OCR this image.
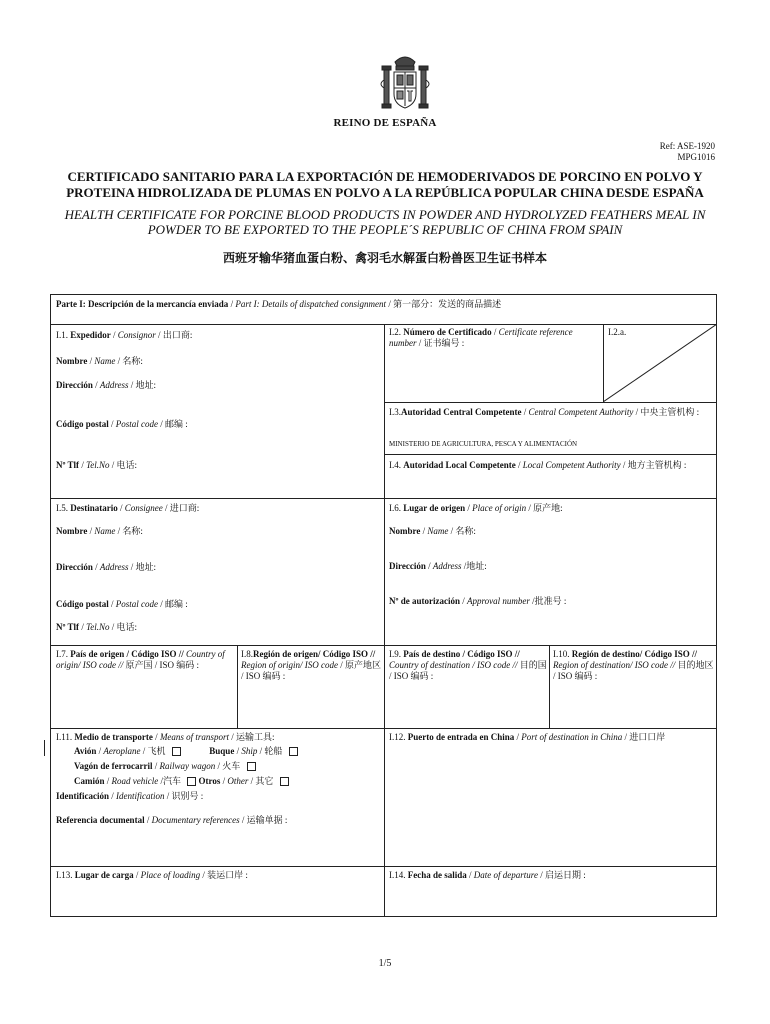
REINO DE ESPAÑA
Ref: ASE-1920
MPG1016
CERTIFICADO SANITARIO PARA LA EXPORTACIÓN DE HEMODERIVADOS DE PORCINO EN POLVO Y
PROTEINA HIDROLIZADA DE PLUMAS EN POLVO A LA REPÚBLICA POPULAR CHINA DESDE ESPAÑA
HEALTH CERTIFICATE FOR PORCINE BLOOD PRODUCTS IN POWDER AND HYDROLYZED FEATHERS MEAL IN
POWDER TO BE EXPORTED TO THE PEOPLE´S REPUBLIC OF CHINA FROM SPAIN
西班牙输华猪血蛋白粉、禽羽毛水解蛋白粉兽医卫生证书样本
Parte I: Descripción de la mercancía enviada / Part I: Details of dispatched consignment / 第一部分：发送的商品描述
I.1. Expedidor / Consignor / 出口商:
Nombre / Name / 名称:
Dirección / Address / 地址:
Código postal / Postal code / 邮编 :
Nº Tlf / Tel.No / 电话:
I.2. Número de Certificado / Certificate reference number / 证书编号 :
I.2.a.
I.3.Autoridad Central Competente / Central Competent Authority / 中央主管机构 :
MINISTERIO DE AGRICULTURA, PESCA Y ALIMENTACIÓN
I.4. Autoridad Local Competente / Local Competent Authority / 地方主管机构 :
I.5. Destinatario / Consignee / 进口商:
Nombre / Name / 名称:
Dirección / Address / 地址:
Código postal / Postal code / 邮编 :
Nº Tlf / Tel.No / 电话:
I.6. Lugar de origen / Place of origin / 原产地:
Nombre / Name / 名称:
Dirección / Address /地址:
Nº de autorización / Approval number /批准号 :
I.7. País de origen / Código ISO // Country of origin/ ISO code // 原产国 / ISO 编码 :
I.8.Región de origen/ Código ISO // Region of origin/ ISO code / 原产地区 / ISO 编码 :
I.9. País de destino / Código ISO // Country of destination / ISO code // 目的国 / ISO 编码 :
I.10. Región de destino/ Código ISO // Region of destination/ ISO code // 目的地区 / ISO 编码 :
I.11. Medio de transporte / Means of transport / 运输工具:
Avión / Aeroplane / 飞机	Buque / Ship / 轮船
Vagón de ferrocarril / Railway wagon / 火车
Camión / Road vehicle /汽车 Otros / Other / 其它
Identificación / Identification / 识别号 :
Referencia documental / Documentary references / 运输单据 :
I.12. Puerto de entrada en China / Port of destination in China / 进口口岸
I.13. Lugar de carga / Place of loading / 装运口岸 :	I.14. Fecha de salida / Date of departure / 启运日期 :
1/5
